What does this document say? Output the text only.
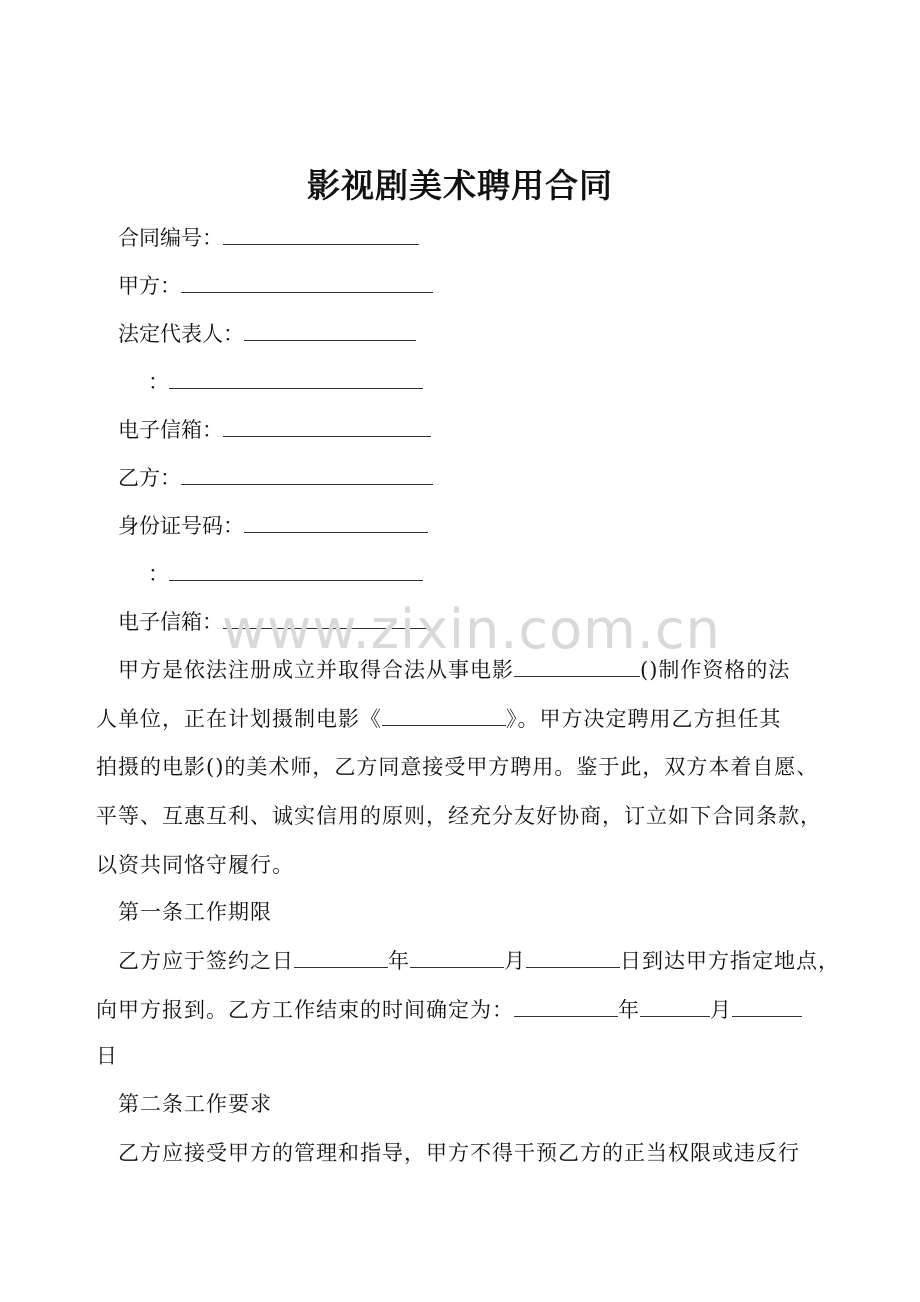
影视剧美术聘用合同
合同编号：
甲方：
法定代表人：
：
电子信箱：
乙方：
身份证号码：
：
电子信箱：
甲方是依法注册成立并取得合法从事电影	()制作资格的法
人单位，正在计划摄制电影《	》。甲方决定聘用乙方担任其
拍摄的电影()的美术师，乙方同意接受甲方聘用。鉴于此，双方本着自愿、
平等、互惠互利、诚实信用的原则，经充分友好协商，订立如下合同条款，
以资共同恪守履行。
第一条工作期限
乙方应于签约之日	年	月	日到达甲方指定地点，
向甲方报到。乙方工作结束的时间确定为：	年	月
日
第二条工作要求
乙方应接受甲方的管理和指导，甲方不得干预乙方的正当权限或违反行
www.zixin.com.cn
